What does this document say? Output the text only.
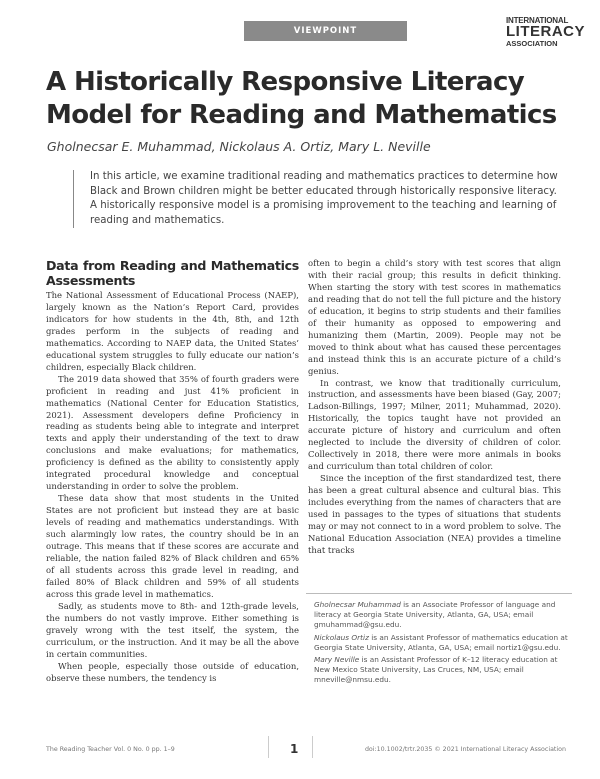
VIEWPOINT
INTERNATIONAL
LITERACY
ASSOCIATION
A Historically Responsive Literacy Model for Reading and Mathematics

Gholnecsar E. Muhammad, Nickolaus A. Ortiz, Mary L. Neville

In this article, we examine traditional reading and mathematics practices to determine how Black and Brown children might be better educated through historically responsive literacy. A historically responsive model is a promising improvement to the teaching and learning of reading and mathematics.

Data from Reading and Mathematics Assessments

The National Assessment of Educational Process (NAEP), largely known as the Nation’s Report Card, provides indicators for how students in the 4th, 8th, and 12th grades perform in the subjects of reading and mathematics. According to NAEP data, the United States’ educational system struggles to fully educate our nation’s children, especially Black children.

The 2019 data showed that 35% of fourth graders were proficient in reading and just 41% proficient in mathematics (National Center for Education Statistics, 2021). Assessment developers define Proficiency in reading as students being able to integrate and interpret texts and apply their understanding of the text to draw conclusions and make evaluations; for mathematics, proficiency is defined as the ability to consistently apply integrated procedural knowledge and conceptual understanding in order to solve the problem.

These data show that most students in the United States are not proficient but instead they are at basic levels of reading and mathematics understandings. With such alarmingly low rates, the country should be in an outrage. This means that if these scores are accurate and reliable, the nation failed 82% of Black children and 65% of all students across this grade level in reading, and failed 80% of Black children and 59% of all students across this grade level in mathematics.

Sadly, as students move to 8th- and 12th-grade levels, the numbers do not vastly improve. Either something is gravely wrong with the test itself, the system, the curriculum, or the instruction. And it may be all the above in certain communities.

When people, especially those outside of education, observe these numbers, the tendency is

often to begin a child’s story with test scores that align with their racial group; this results in deficit thinking. When starting the story with test scores in mathematics and reading that do not tell the full picture and the history of education, it begins to strip students and their families of their humanity as opposed to empowering and humanizing them (Martin, 2009). People may not be moved to think about what has caused these percentages and instead think this is an accurate picture of a child’s genius.

In contrast, we know that traditionally curriculum, instruction, and assessments have been biased (Gay, 2007; Ladson-Billings, 1997; Milner, 2011; Muhammad, 2020). Historically, the topics taught have not provided an accurate picture of history and curriculum and often neglected to include the diversity of children of color. Collectively in 2018, there were more animals in books and curriculum than total children of color.

Since the inception of the first standardized test, there has been a great cultural absence and cultural bias. This includes everything from the names of characters that are used in passages to the types of situations that students may or may not connect to in a word problem to solve. The National Education Association (NEA) provides a timeline that tracks

Gholnecsar Muhammad is an Associate Professor of language and literacy at Georgia State University, Atlanta, GA, USA; email gmuhammad@gsu.edu.

Nickolaus Ortiz is an Assistant Professor of mathematics education at Georgia State University, Atlanta, GA, USA; email nortiz1@gsu.edu.

Mary Neville is an Assistant Professor of K–12 literacy education at New Mexico State University, Las Cruces, NM, USA; email mneville@nmsu.edu.

The Reading Teacher Vol. 0 No. 0 pp. 1–9	1	doi:10.1002/trtr.2035 © 2021 International Literacy Association
